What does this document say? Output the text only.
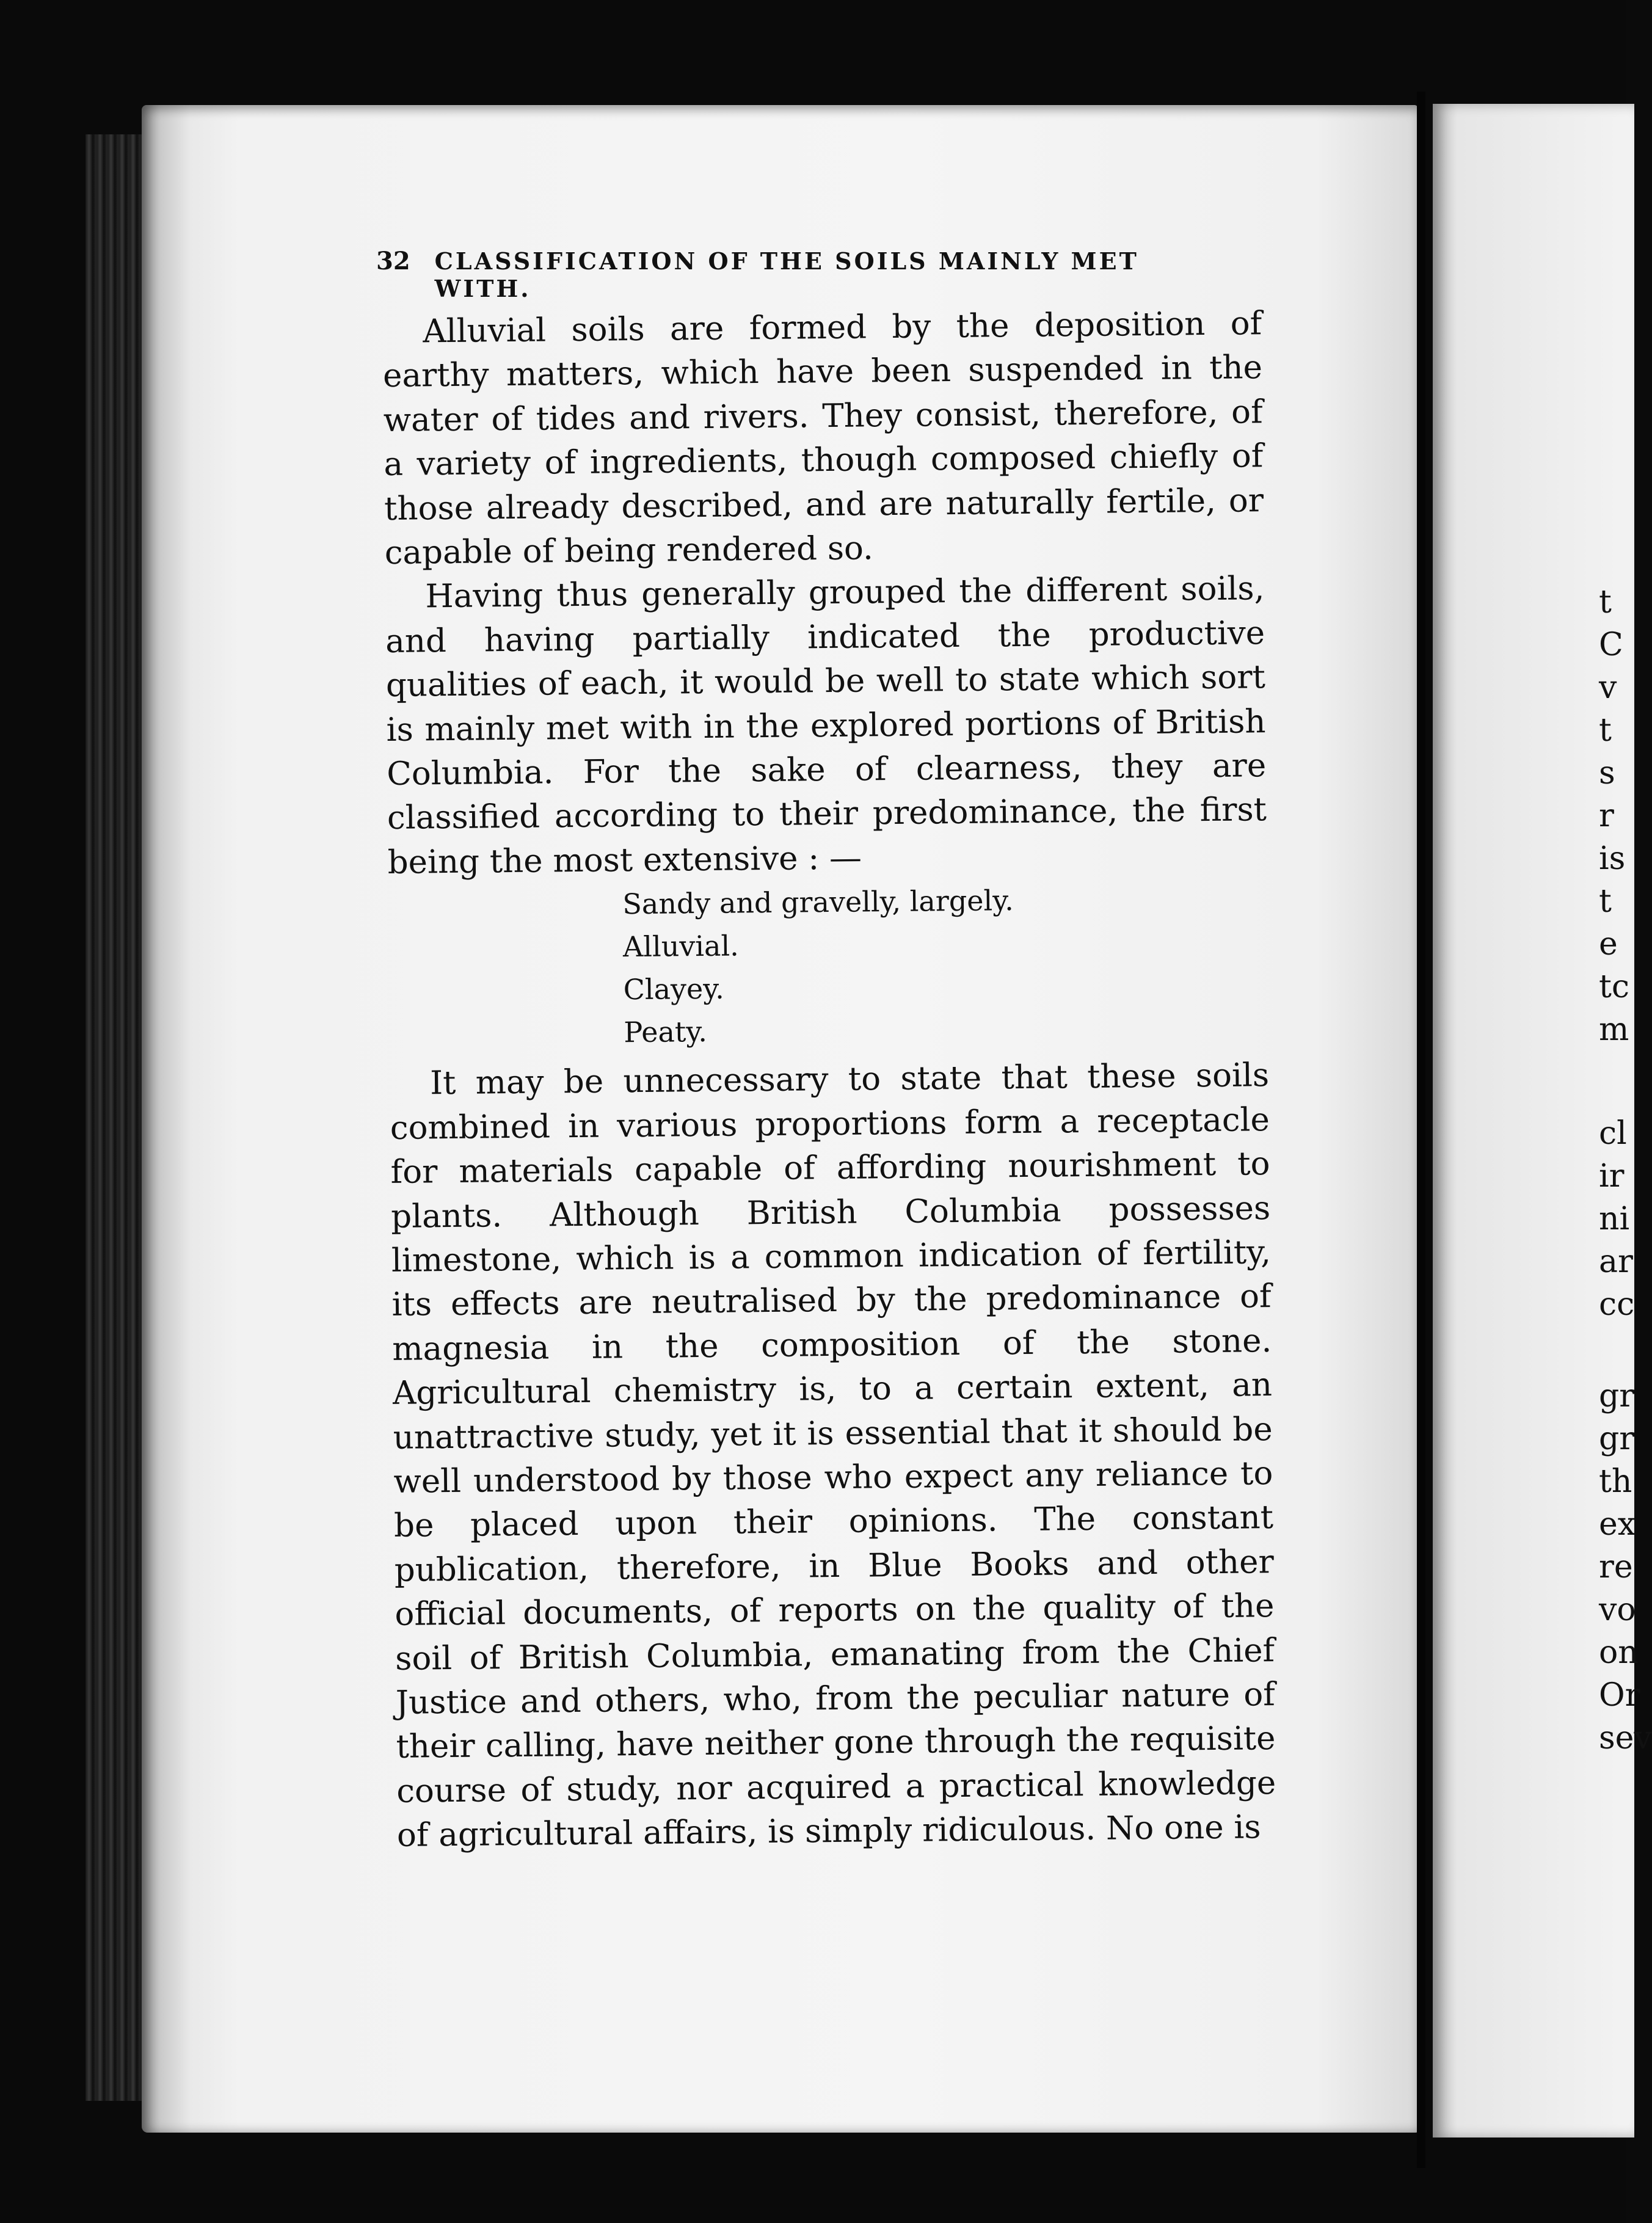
t
C
v
t
s
r
is
t
e
tc
m
cl
ir
ni
ar
cc
gr
gr
th
ex
re
vo
on
Or
sev
32 CLASSIFICATION OF THE SOILS MAINLY MET WITH.

Alluvial soils are formed by the deposition of earthy matters, which have been suspended in the water of tides and rivers. They consist, therefore, of a variety of ingredients, though composed chiefly of those already described, and are naturally fertile, or capable of being rendered so.

Having thus generally grouped the different soils, and having partially indicated the productive qualities of each, it would be well to state which sort is mainly met with in the explored portions of British Columbia. For the sake of clearness, they are classified according to their predominance, the first being the most extensive : —

Sandy and gravelly, largely.
Alluvial.
Clayey.
Peaty.

It may be unnecessary to state that these soils combined in various proportions form a receptacle for materials capable of affording nourishment to plants. Although British Columbia possesses limestone, which is a common indication of fertility, its effects are neutralised by the predominance of magnesia in the composition of the stone. Agricultural chemistry is, to a certain extent, an unattractive study, yet it is essential that it should be well understood by those who expect any reliance to be placed upon their opinions. The constant publication, therefore, in Blue Books and other official documents, of reports on the quality of the soil of British Columbia, emanating from the Chief Justice and others, who, from the peculiar nature of their calling, have neither gone through the requisite course of study, nor acquired a practical knowledge of agricultural affairs, is simply ridiculous. No one is
